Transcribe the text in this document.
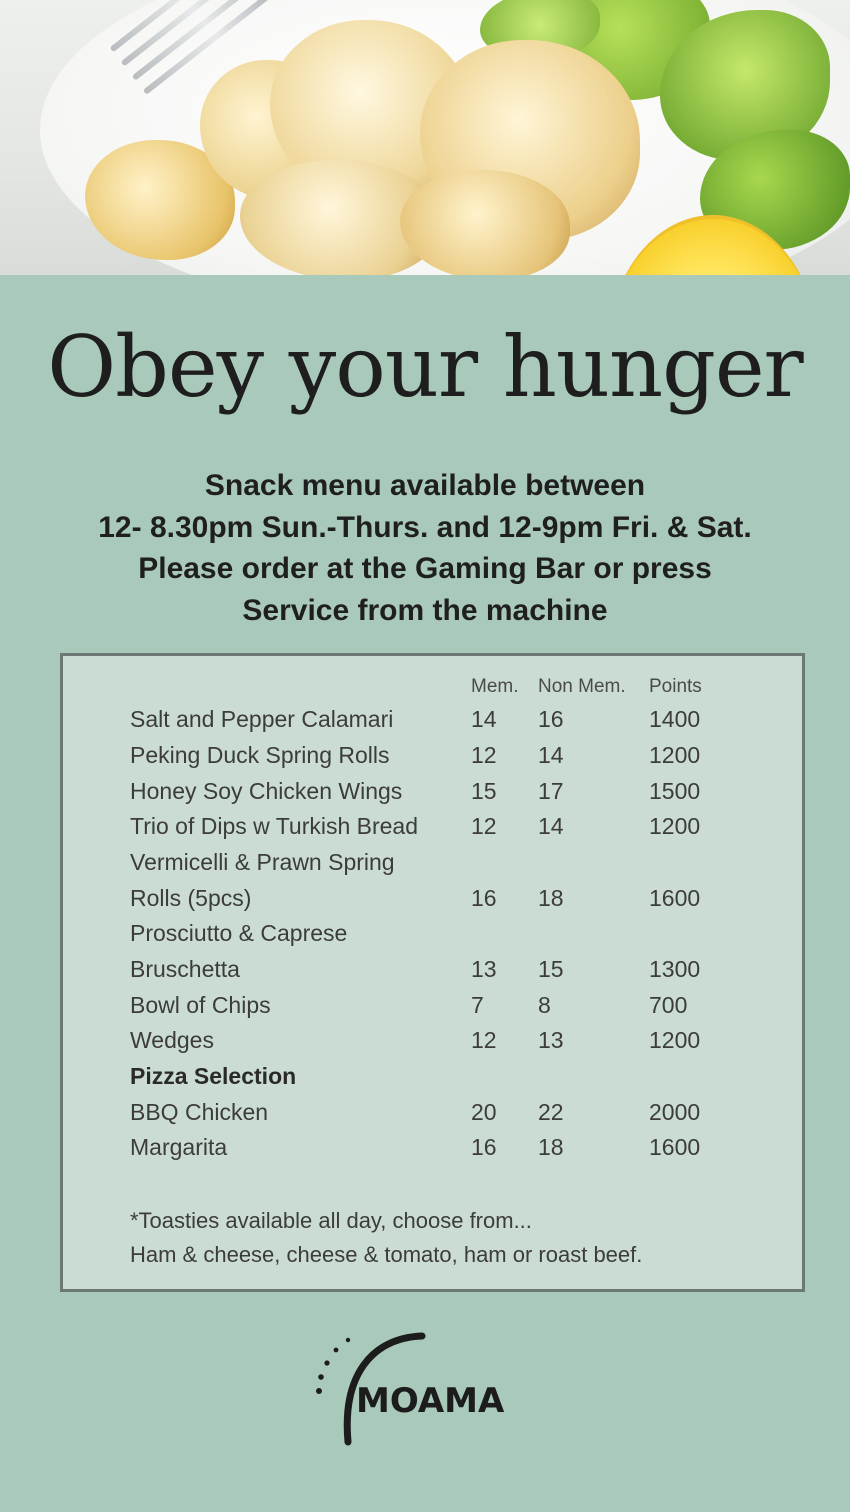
Obey your hunger
Snack menu available between
12- 8.30pm Sun.-Thurs. and 12-9pm Fri. & Sat.
Please order at the Gaming Bar or press
Service from the machine
Mem. Non Mem. Points
Salt and Pepper Calamari	14 16	1400
Peking Duck Spring Rolls	12 14	1200
Honey Soy Chicken Wings	15 17	1500
Trio of Dips w Turkish Bread 12 14	1200
Vermicelli & Prawn Spring
Rolls (5pcs)	16 18	1600
Prosciutto & Caprese
Bruschetta	13 15	1300
Bowl of Chips	7 8	700
Wedges	12 13	1200
Pizza Selection
BBQ Chicken	20 22	2000
Margarita	16 18	1600
*Toasties available all day, choose from...
Ham & cheese, cheese & tomato, ham or roast beef.
MOAMA
